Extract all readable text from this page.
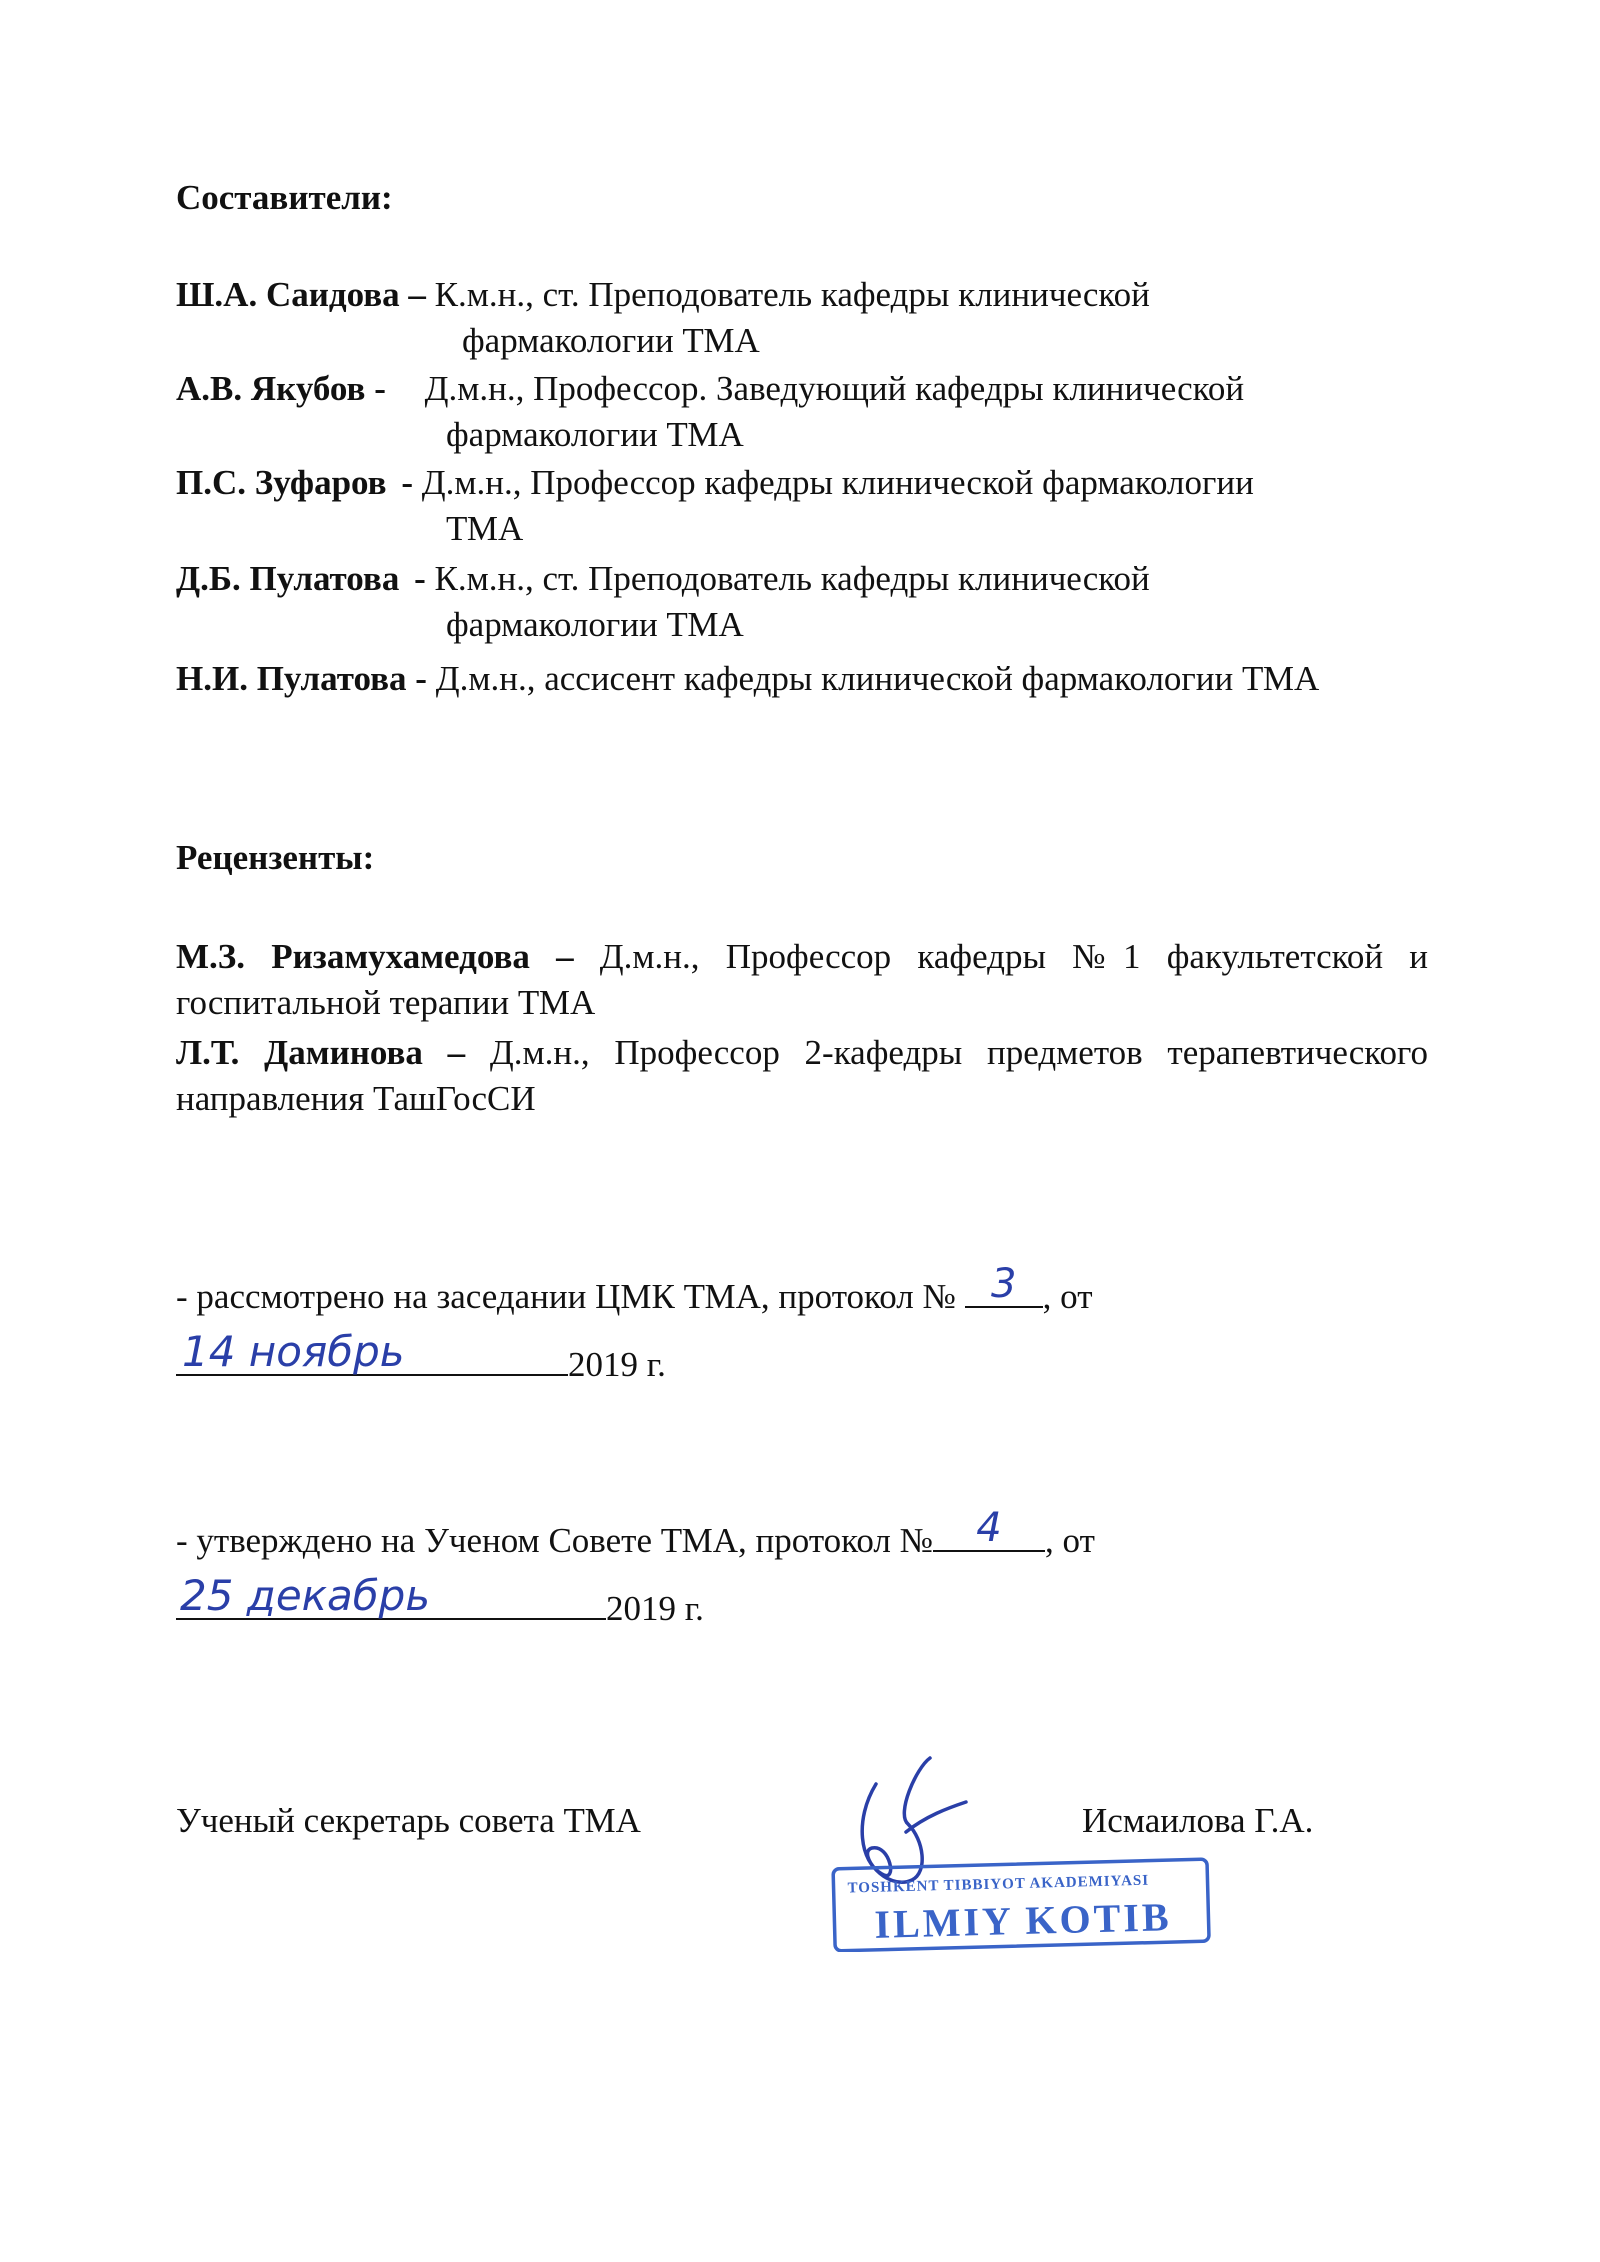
Составители:
Ш.А. Саидова – К.м.н., ст. Преподователь кафедры клинической
фармакологии ТМА
А.В. Якубов - Д.м.н., Профессор. Заведующий кафедры клинической
фармакологии ТМА
П.С. Зуфаров - Д.м.н., Профессор кафедры клинической фармакологии
ТМА
Д.Б. Пулатова - К.м.н., ст. Преподователь кафедры клинической
фармакологии ТМА
Н.И. Пулатова - Д.м.н., ассисент кафедры клинической фармакологии ТМА
Рецензенты:
М.З. Ризамухамедова – Д.м.н., Профессор кафедры №1 факультетской и госпитальной терапии ТМА
Л.Т. Даминова – Д.м.н., Профессор 2-кафедры предметов терапевтического направления ТашГосСИ
- рассмотрено на заседании ЦМК ТМА, протокол № 3 , от
14 ноябрь	2019 г.
- утверждено на Ученом Совете ТМА, протокол №	4	, от
25 декабрь	2019 г.
Ученый секретарь совета ТМА	Исмаилова Г.А.
TOSHKENT TIBBIYOT AKADEMIYASI
ILMIY KOTIB
